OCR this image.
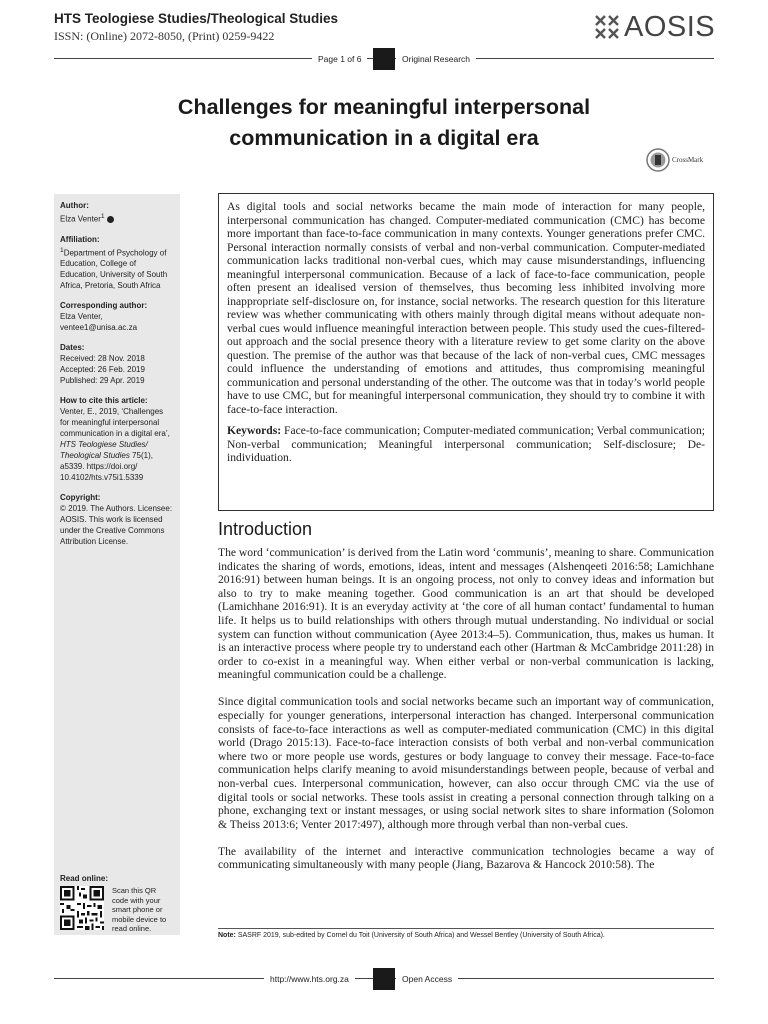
HTS Teologiese Studies/Theological Studies
ISSN: (Online) 2072-8050, (Print) 0259-9422	AOSIS
Page 1 of 6	Original Research
Challenges for meaningful interpersonal communication in a digital era
CrossMark
Author:

Elza Venter$^1$

Affiliation:

$^1$Department of Psychology of Education, College of Education, University of South Africa, Pretoria, South Africa

Corresponding author:

Elza Venter,

ventee1@unisa.ac.za

Dates:

Received: 28 Nov. 2018

Accepted: 26 Feb. 2019

Published: 29 Apr. 2019

How to cite this article:

Venter, E., 2019, ‘Challenges for meaningful interpersonal communication in a digital era’, HTS Teologiese Studies/ Theological Studies 75(1), a5339. https://doi.org/ 10.4102/hts.v75i1.5339

Copyright:

© 2019. The Authors. Licensee: AOSIS. This work is licensed under the Creative Commons Attribution License.

Read online:
Scan this QR code with your smart phone or mobile device to read online.

As digital tools and social networks became the main mode of interaction for many people, interpersonal communication has changed. Computer-mediated communication (CMC) has become more important than face-to-face communication in many contexts. Younger generations prefer CMC. Personal interaction normally consists of verbal and non-verbal communication. Computer-mediated communication lacks traditional non-verbal cues, which may cause misunderstandings, influencing meaningful interpersonal communication. Because of a lack of face-to-face communication, people often present an idealised version of themselves, thus becoming less inhibited involving more inappropriate self-disclosure on, for instance, social networks. The research question for this literature review was whether communicating with others mainly through digital means without adequate non-verbal cues would influence meaningful interaction between people. This study used the cues-filtered-out approach and the social presence theory with a literature review to get some clarity on the above question. The premise of the author was that because of the lack of non-verbal cues, CMC messages could influence the understanding of emotions and attitudes, thus compromising meaningful communication and personal understanding of the other. The outcome was that in today’s world people have to use CMC, but for meaningful interpersonal communication, they should try to combine it with face-to-face interaction.

Keywords: Face-to-face communication; Computer-mediated communication; Verbal communication; Non-verbal communication; Meaningful interpersonal communication; Self-disclosure; De-individuation.

Introduction

The word ‘communication’ is derived from the Latin word ‘communis’, meaning to share. Communication indicates the sharing of words, emotions, ideas, intent and messages (Alshenqeeti 2016:58; Lamichhane 2016:91) between human beings. It is an ongoing process, not only to convey ideas and information but also to try to make meaning together. Good communication is an art that should be developed (Lamichhane 2016:91). It is an everyday activity at ‘the core of all human contact’ fundamental to human life. It helps us to build relationships with others through mutual understanding. No individual or social system can function without communication (Ayee 2013:4–5). Communication, thus, makes us human. It is an interactive process where people try to understand each other (Hartman & McCambridge 2011:28) in order to co-exist in a meaningful way. When either verbal or non-verbal communication is lacking, meaningful communication could be a challenge.

Since digital communication tools and social networks became such an important way of communication, especially for younger generations, interpersonal interaction has changed. Interpersonal communication consists of face-to-face interactions as well as computer-mediated communication (CMC) in this digital world (Drago 2015:13). Face-to-face interaction consists of both verbal and non-verbal communication where two or more people use words, gestures or body language to convey their message. Face-to-face communication helps clarify meaning to avoid misunderstandings between people, because of verbal and non-verbal cues. Interpersonal communication, however, can also occur through CMC via the use of digital tools or social networks. These tools assist in creating a personal connection through talking on a phone, exchanging text or instant messages, or using social network sites to share information (Solomon & Theiss 2013:6; Venter 2017:497), although more through verbal than non-verbal cues.

The availability of the internet and interactive communication technologies became a way of communicating simultaneously with many people (Jiang, Bazarova & Hancock 2010:58). The

Note: SASRF 2019, sub-edited by Cornel du Toit (University of South Africa) and Wessel Bentley (University of South Africa).
http://www.hts.org.za	Open Access
